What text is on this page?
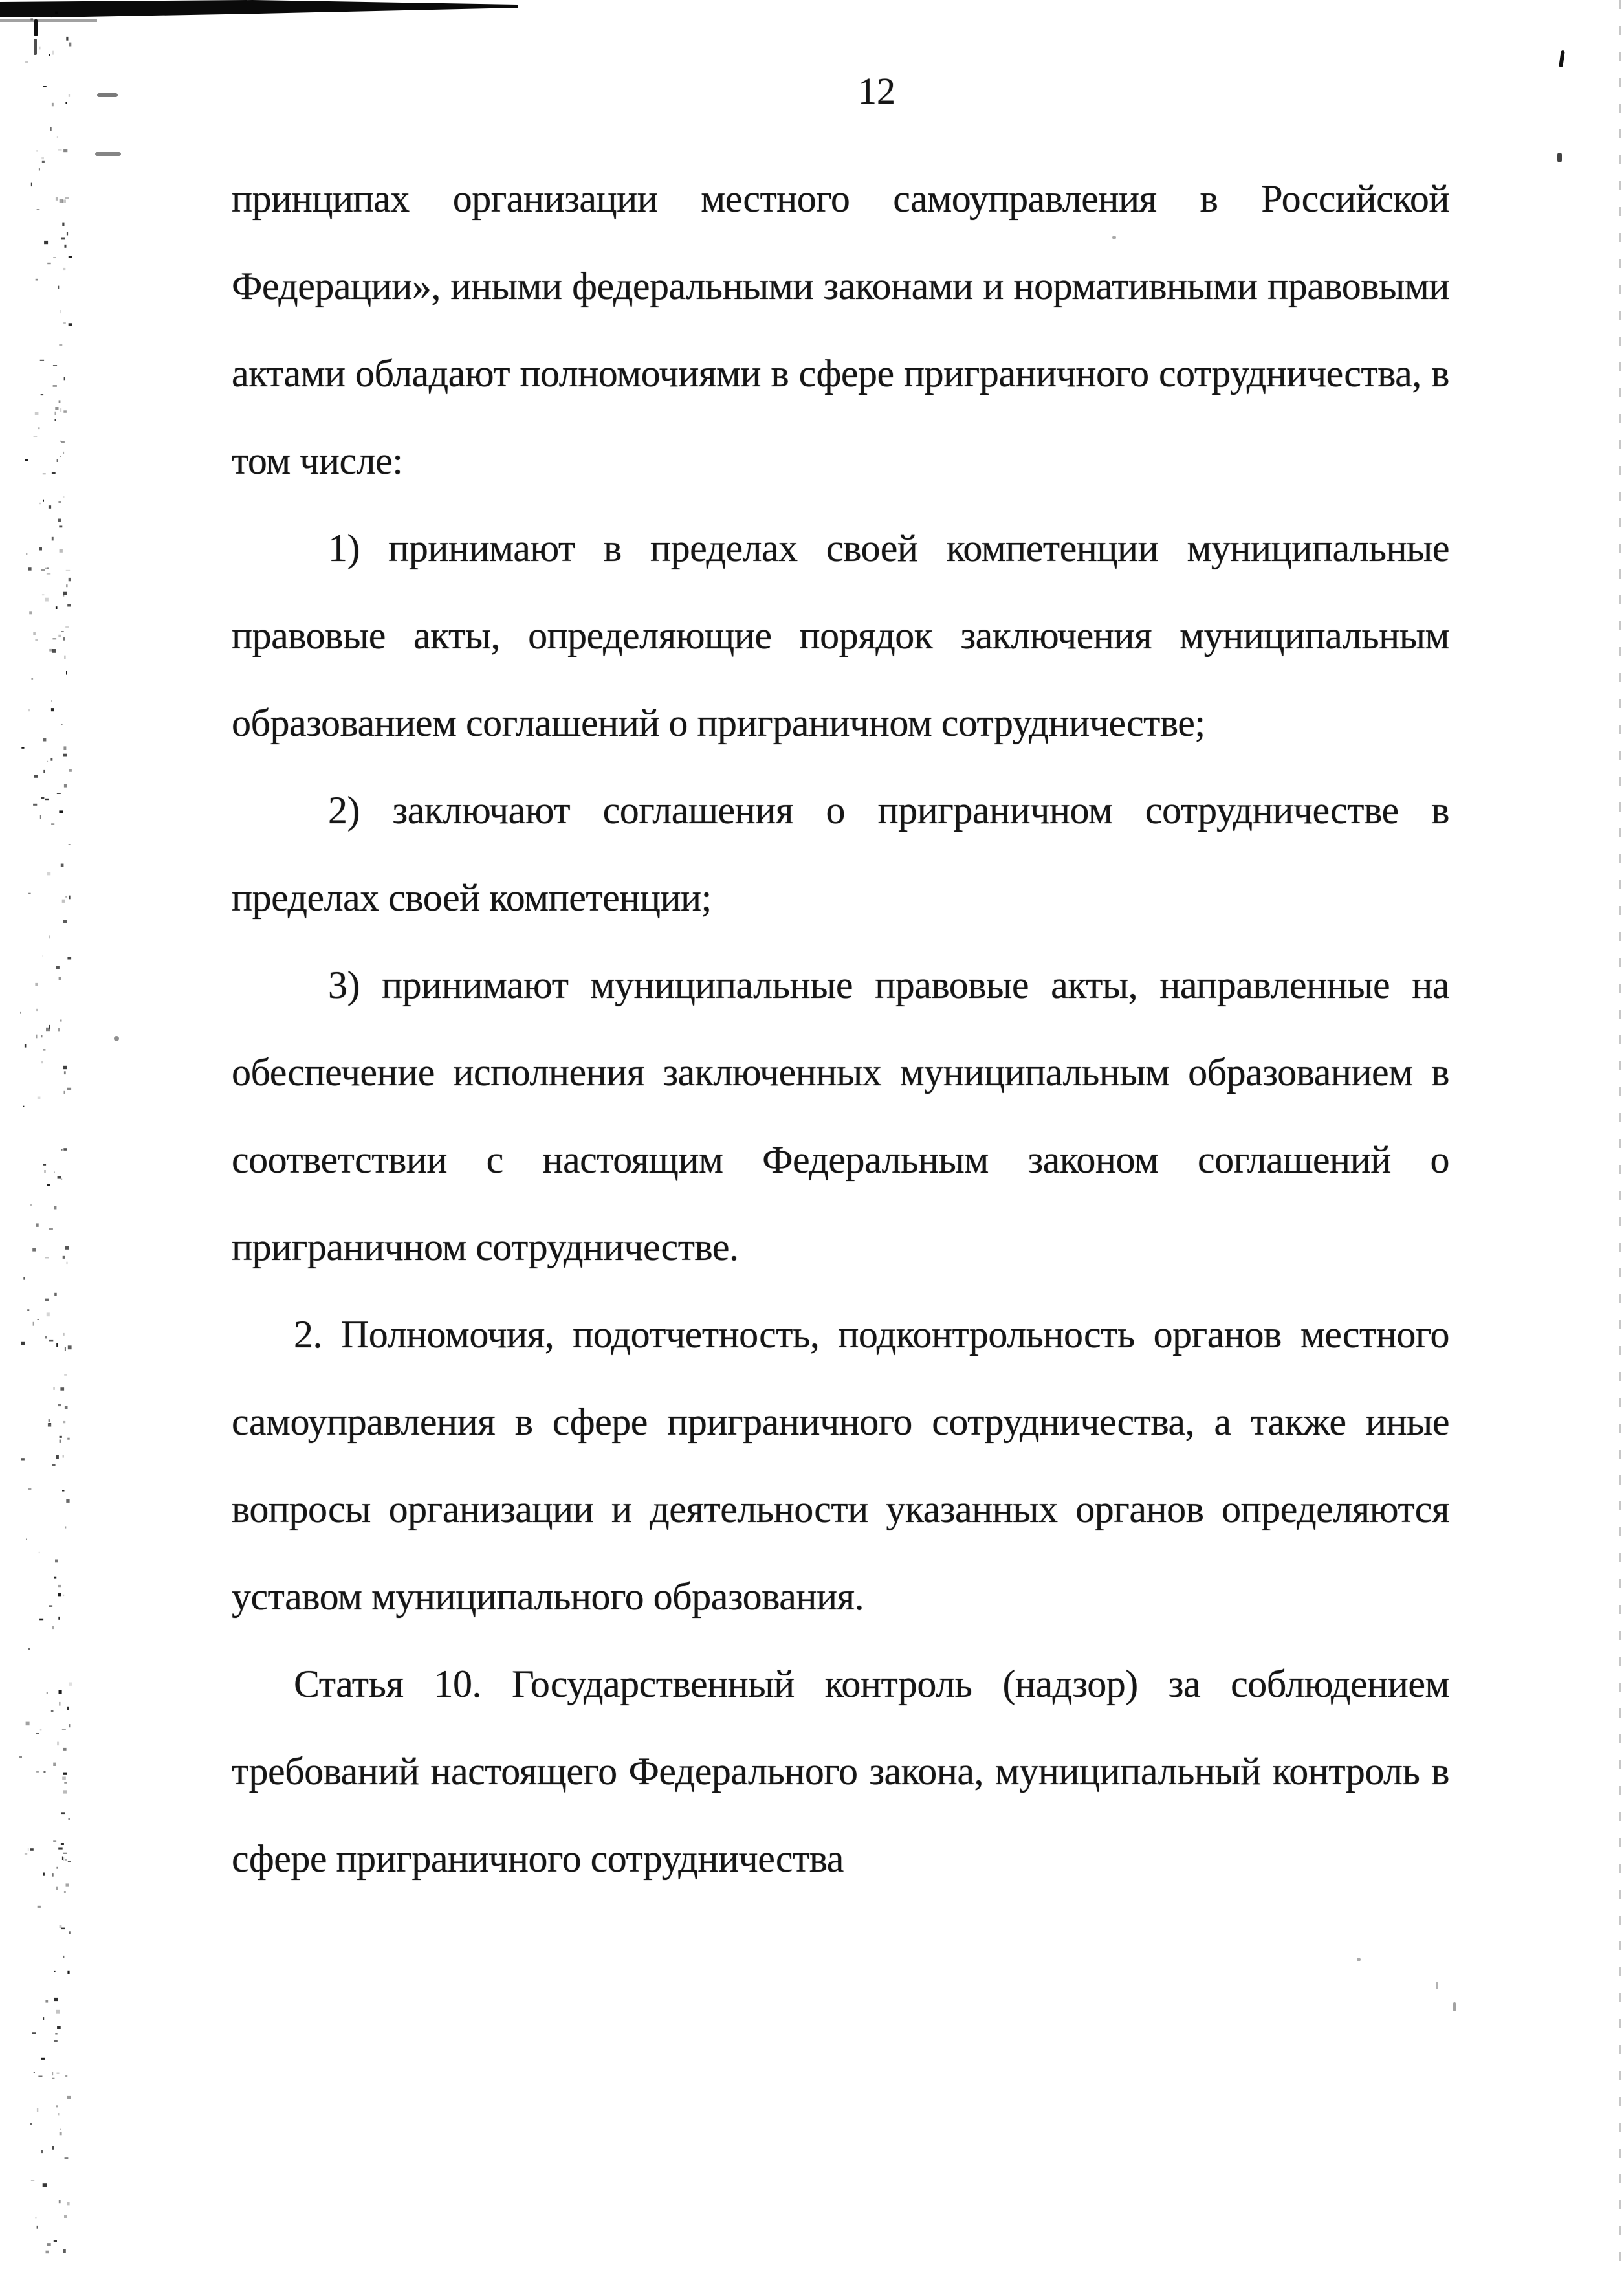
12

принципах организации местного самоуправления в Российской
Федерации», иными федеральными законами и нормативными правовыми
актами обладают полномочиями в сфере приграничного сотрудничества, в
том числе:

1) принимают в пределах своей компетенции муниципальные
правовые акты, определяющие порядок заключения муниципальным
образованием соглашений о приграничном сотрудничестве;

2) заключают соглашения о приграничном сотрудничестве в
пределах своей компетенции;

3) принимают муниципальные правовые акты, направленные на
обеспечение исполнения заключенных муниципальным образованием в
соответствии с настоящим Федеральным законом соглашений о
приграничном сотрудничестве.

2. Полномочия, подотчетность, подконтрольность органов местного
самоуправления в сфере приграничного сотрудничества, а также иные
вопросы организации и деятельности указанных органов определяются
уставом муниципального образования.

Статья 10. Государственный контроль (надзор) за соблюдением
требований настоящего Федерального закона, муниципальный контроль в
сфере приграничного сотрудничества
